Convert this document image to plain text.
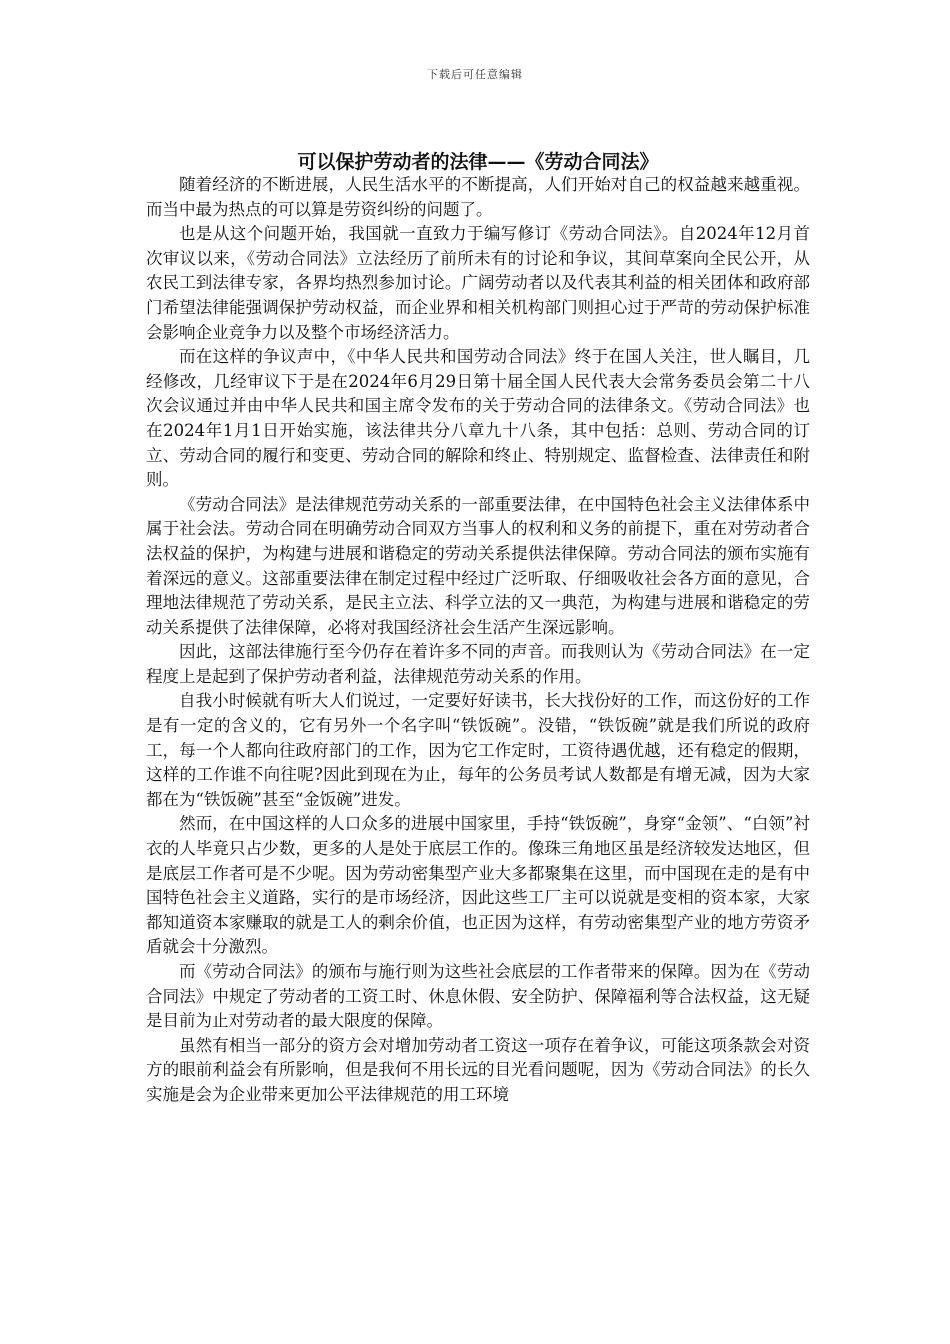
下载后可任意编辑
可以保护劳动者的法律——《劳动合同法》

随着经济的不断进展，人民生活水平的不断提高，人们开始对自己的权益越来越重视。而当中最为热点的可以算是劳资纠纷的问题了。

也是从这个问题开始，我国就一直致力于编写修订《劳动合同法》。自2024年12月首次审议以来，《劳动合同法》立法经历了前所未有的讨论和争议，其间草案向全民公开，从农民工到法律专家，各界均热烈参加讨论。广阔劳动者以及代表其利益的相关团体和政府部门希望法律能强调保护劳动权益，而企业界和相关机构部门则担心过于严苛的劳动保护标准会影响企业竞争力以及整个市场经济活力。

而在这样的争议声中，《中华人民共和国劳动合同法》终于在国人关注，世人瞩目，几经修改，几经审议下于是在2024年6月29日第十届全国人民代表大会常务委员会第二十八次会议通过并由中华人民共和国主席令发布的关于劳动合同的法律条文。《劳动合同法》也在2024年1月1日开始实施，该法律共分八章九十八条，其中包括：总则、劳动合同的订立、劳动合同的履行和变更、劳动合同的解除和终止、特别规定、监督检查、法律责任和附则。

《劳动合同法》是法律规范劳动关系的一部重要法律，在中国特色社会主义法律体系中属于社会法。劳动合同在明确劳动合同双方当事人的权利和义务的前提下，重在对劳动者合法权益的保护，为构建与进展和谐稳定的劳动关系提供法律保障。劳动合同法的颁布实施有着深远的意义。这部重要法律在制定过程中经过广泛听取、仔细吸收社会各方面的意见，合理地法律规范了劳动关系，是民主立法、科学立法的又一典范，为构建与进展和谐稳定的劳动关系提供了法律保障，必将对我国经济社会生活产生深远影响。

因此，这部法律施行至今仍存在着许多不同的声音。而我则认为《劳动合同法》在一定程度上是起到了保护劳动者利益，法律规范劳动关系的作用。

自我小时候就有听大人们说过，一定要好好读书，长大找份好的工作，而这份好的工作是有一定的含义的，它有另外一个名字叫“铁饭碗”。没错，“铁饭碗”就是我们所说的政府工，每一个人都向往政府部门的工作，因为它工作定时，工资待遇优越，还有稳定的假期，这样的工作谁不向往呢?因此到现在为止，每年的公务员考试人数都是有增无减，因为大家都在为“铁饭碗”甚至“金饭碗”进发。

然而，在中国这样的人口众多的进展中国家里，手持“铁饭碗”，身穿“金领”、“白领”衬衣的人毕竟只占少数，更多的人是处于底层工作的。像珠三角地区虽是经济较发达地区，但是底层工作者可是不少呢。因为劳动密集型产业大多都聚集在这里，而中国现在走的是有中国特色社会主义道路，实行的是市场经济，因此这些工厂主可以说就是变相的资本家，大家都知道资本家赚取的就是工人的剩余价值，也正因为这样，有劳动密集型产业的地方劳资矛盾就会十分激烈。

而《劳动合同法》的颁布与施行则为这些社会底层的工作者带来的保障。因为在《劳动合同法》中规定了劳动者的工资工时、休息休假、安全防护、保障福利等合法权益，这无疑是目前为止对劳动者的最大限度的保障。

虽然有相当一部分的资方会对增加劳动者工资这一项存在着争议，可能这项条款会对资方的眼前利益会有所影响，但是我何不用长远的目光看问题呢，因为《劳动合同法》的长久实施是会为企业带来更加公平法律规范的用工环境
